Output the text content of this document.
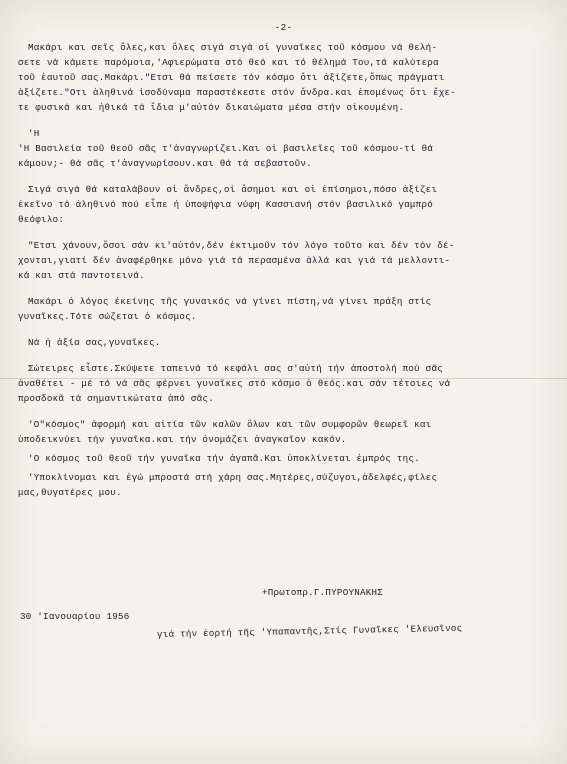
-2-
Μακάρι και σεῖς ὅλες,και ὅλες σιγά σιγά οἱ γυναῖκες τοῦ κόσμου νά θελή-
σετε νά κάμετε παρόμοια,'Αφιερώματα στό θεό και τό θέλημά Του,τά καλύτερα
τοῦ ἑαυτοῦ σας.Μακάρι."Ετσι θά πείσετε τόν κόσμο ὅτι ἀξίζετε,ὅπως πράγματι
ἀξίζετε."Οτι ἀληθινά ἰσοδύναμα παραστέκεστε στόν ἄνδρα.και ἑπομένως ὅτι ἔχε-
τε φυσικά και ἠθικά τά ἴδια μ'αὐτόν δικαιώματα μέσα στήν οἰκουμένη.
'Η
'Η Βασιλεία τοῦ θεοῦ σᾶς τ'ἀναγνωρίζει.Και οἱ βασιλεῖες τοῦ κόσμου-τί θά
κάμουν;- θά σᾶς τ'ἀναγνωρίσουν.και θά τά σεβαστοῦν.
Σιγά σιγά θά καταλάβουν οἱ ἄνδρες,οἱ ἄσημοι και οἱ ἐπίσημοι,πόσο ἀξίζει
ἐκεῖνο τό ἀληθινό πού εἶπε ἡ ὑποψήφια νύφη Κασσιανή στόν βασιλικό γαμπρό
θεόφιλο:
"Ετσι χάνουν,ὅσοι σάν κι'αὐτόν,δέν ἐκτιμοῦν τόν λόγο τοῦτο και δέν τόν δέ-
χονται,γιατί δέν ἀναφέρθηκε μόνο γιά τά περασμένα ἀλλά και γιά τά μελλοντι-
κά και στά παντοτεινά.
Μακάρι ὁ λόγος ἐκείνης τῆς γυναικός νά γίνει πίστη,νά γίνει πράξη στίς
γυναῖκες.Τότε σώζεται ὁ κόσμος.
Νά ἡ ἀξία σας,γυναῖκες.
Σώτειρες εἶστε.Σκύψετε ταπεινά τό κεφάλι σας σ'αὐτή τήν ἀποστολή πού σᾶς
ἀναθέτει - μέ τό νά σᾶς φέρνει γυναῖκες στό κόσμο ὁ θεός.και σάν τέτοιες νά
προσδοκᾶ τά σημαντικώτατα ἀπό σᾶς.
'Ο"κόσμος" ἀφορμή και αἰτία τῶν καλῶν ὅλων και τῶν συμφορῶν θεωρεῖ και
ὑποδεικνύει τήν γυναῖκα.και τήν ὀνομάζει ἀναγκαῖον κακόν.
'Ο κόσμος τοῦ θεοῦ τήν γυναῖκα τήν ἀγαπᾶ.Και ὑποκλίνεται ἐμπρός της.
'Υποκλίνομαι και ἐγώ μπροστά στή χάρη σας.Μητέρες,σύζυγοι,ἀδελφές,φίλες
μας,θυγατέρες μου.
+Πρωτοπρ.Γ.ΠΥΡΟΥΝΑΚΗΣ
30 'Ιανουαρίου 1956
γιά τήν ἑορτή τῆς 'Υπαπαντῆς,Στίς Γυναῖκες 'Ελευσῖνος
